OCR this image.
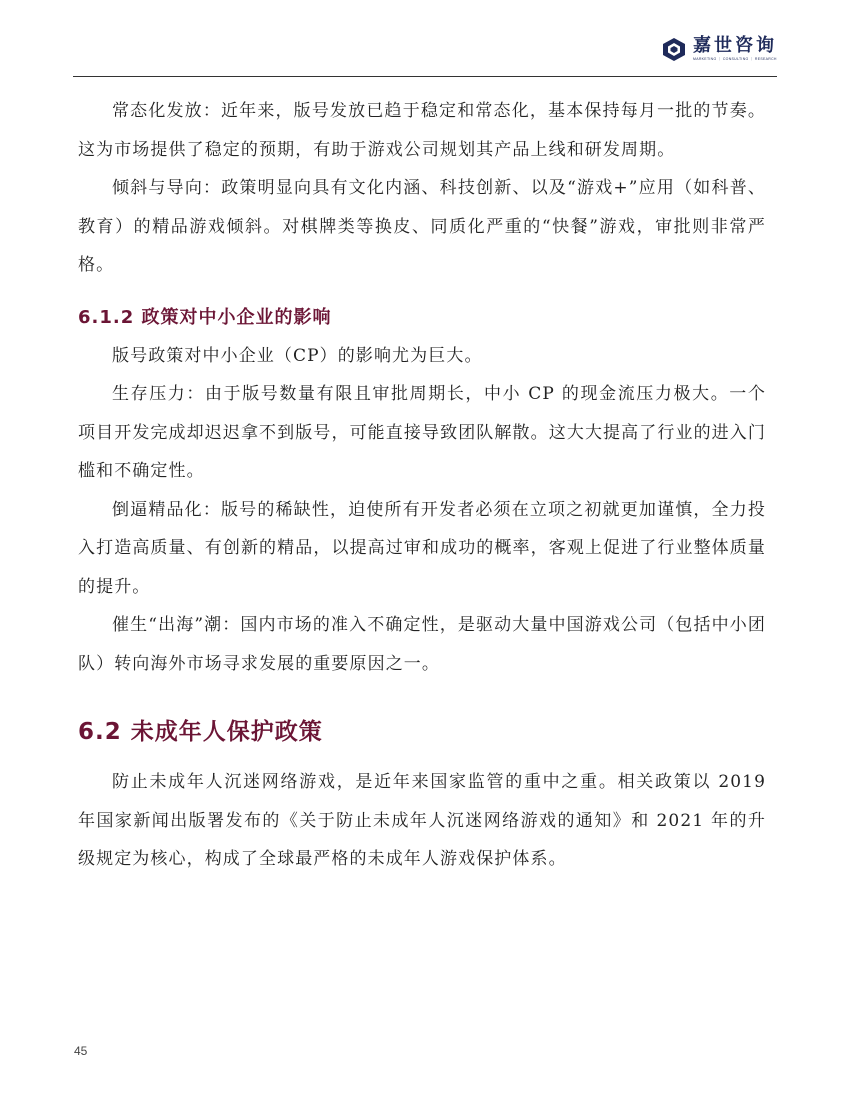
嘉世咨询
MARKETING ｜ CONSULTING ｜ RESEARCH

常态化发放：近年来，版号发放已趋于稳定和常态化，基本保持每月一批的节奏。这为市场提供了稳定的预期，有助于游戏公司规划其产品上线和研发周期。

倾斜与导向：政策明显向具有文化内涵、科技创新、以及“游戏+”应用（如科普、教育）的精品游戏倾斜。对棋牌类等换皮、同质化严重的“快餐”游戏，审批则非常严格。

6.1.2 政策对中小企业的影响

版号政策对中小企业（CP）的影响尤为巨大。

生存压力：由于版号数量有限且审批周期长，中小 CP 的现金流压力极大。一个项目开发完成却迟迟拿不到版号，可能直接导致团队解散。这大大提高了行业的进入门槛和不确定性。

倒逼精品化：版号的稀缺性，迫使所有开发者必须在立项之初就更加谨慎，全力投入打造高质量、有创新的精品，以提高过审和成功的概率，客观上促进了行业整体质量的提升。

催生“出海”潮：国内市场的准入不确定性，是驱动大量中国游戏公司（包括中小团队）转向海外市场寻求发展的重要原因之一。

6.2 未成年人保护政策

防止未成年人沉迷网络游戏，是近年来国家监管的重中之重。相关政策以 2019 年国家新闻出版署发布的《关于防止未成年人沉迷网络游戏的通知》和 2021 年的升级规定为核心，构成了全球最严格的未成年人游戏保护体系。

45
